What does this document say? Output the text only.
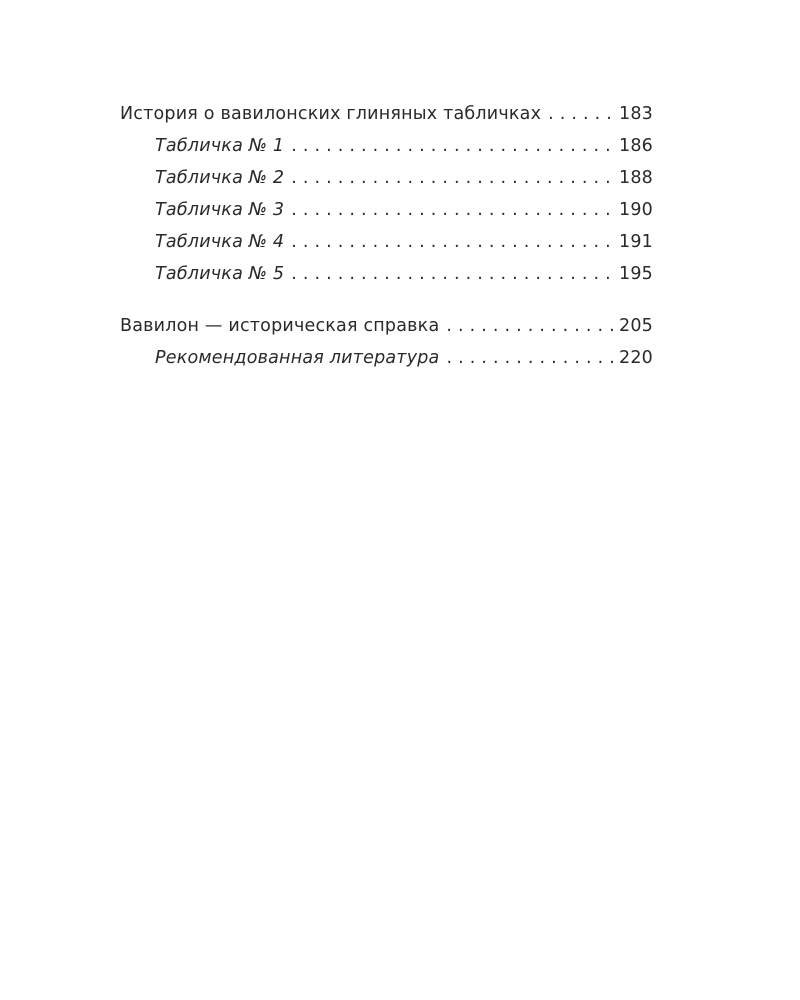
История о вавилонских глиняных табличках . . .	183
Табличка № 1 . . .	186
Табличка № 2 . . .	188
Табличка № 3 . . .	190
Табличка № 4 . . .	191
Табличка № 5 . . .	195
Вавилон — историческая справка . . .	205
Рекомендованная литература . . .	220
